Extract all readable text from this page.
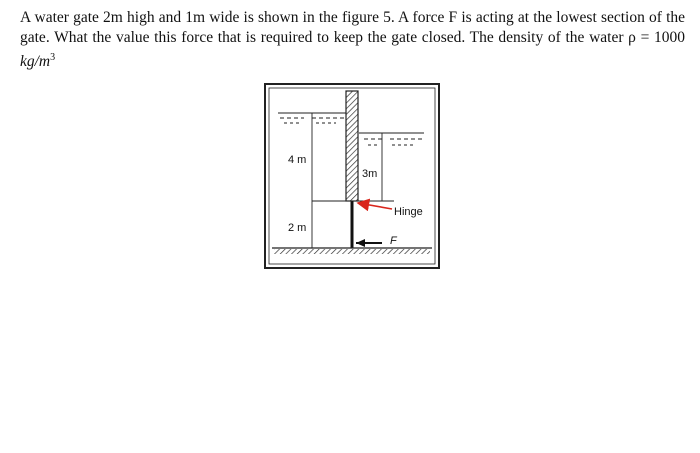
A water gate 2m high and 1m wide is shown in the figure 5. A force F is acting at the lowest section of the gate. What the value this force that is required to keep the gate closed. The density of the water ρ = 1000 $kg/m^3$
4 m
2 m
3m
Hinge
F
